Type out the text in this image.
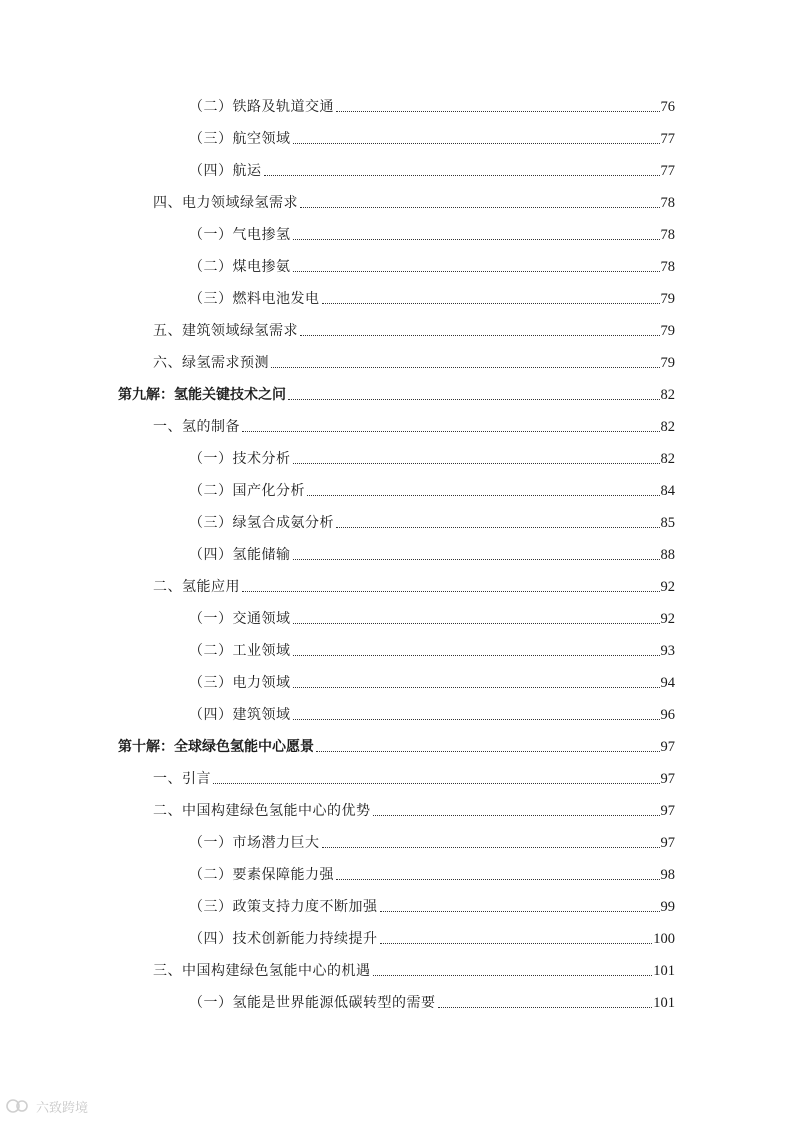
（二）铁路及轨道交通	76
（三）航空领域	77
（四）航运	77
四、电力领域绿氢需求	78
（一）气电掺氢	78
（二）煤电掺氨	78
（三）燃料电池发电	79
五、建筑领域绿氢需求	79
六、绿氢需求预测	79
第九解：氢能关键技术之问	82
一、氢的制备	82
（一）技术分析	82
（二）国产化分析	84
（三）绿氢合成氨分析	85
（四）氢能储输	88
二、氢能应用	92
（一）交通领域	92
（二）工业领域	93
（三）电力领域	94
（四）建筑领域	96
第十解：全球绿色氢能中心愿景	97
一、引言	97
二、中国构建绿色氢能中心的优势	97
（一）市场潜力巨大	97
（二）要素保障能力强	98
（三）政策支持力度不断加强	99
（四）技术创新能力持续提升	100
三、中国构建绿色氢能中心的机遇	101
（一）氢能是世界能源低碳转型的需要	101
六致跨境
